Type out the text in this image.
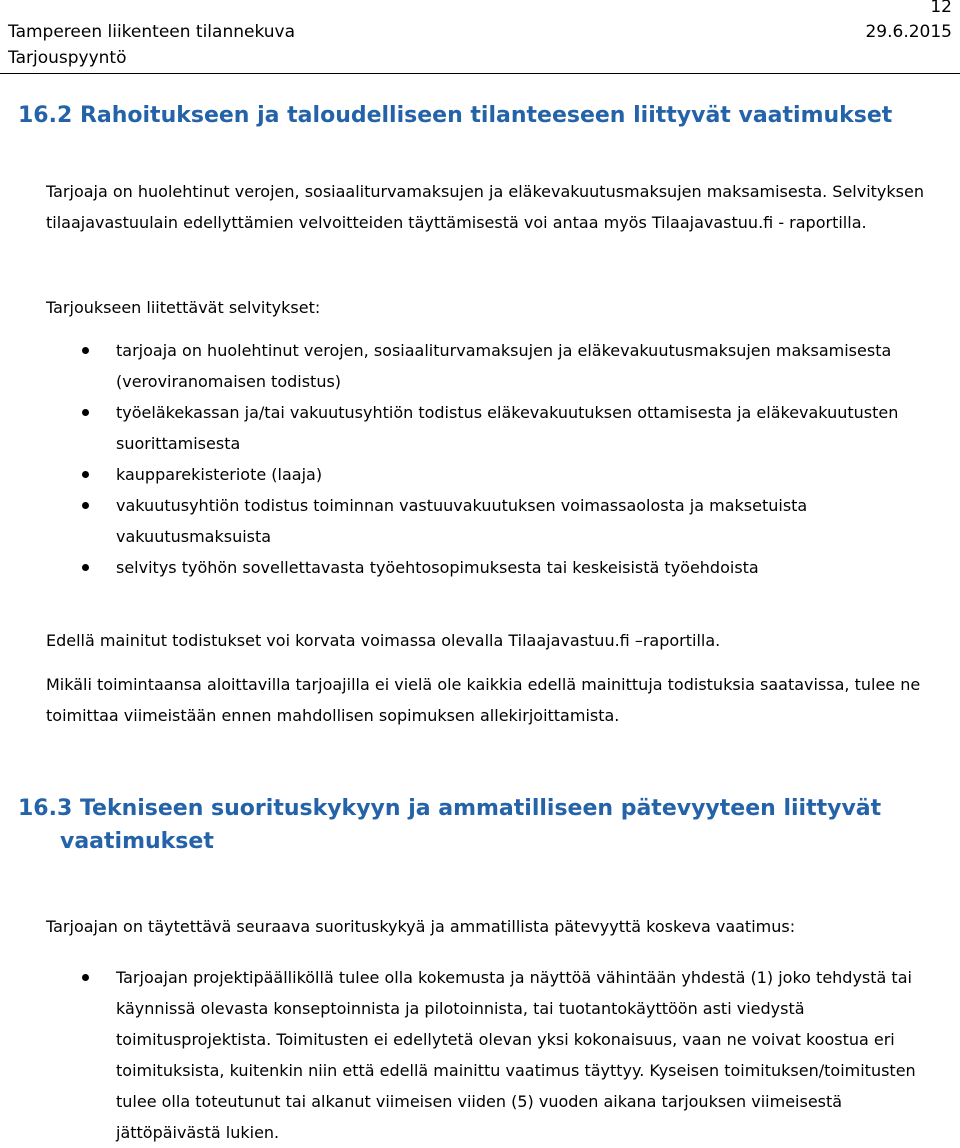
12
Tampereen liikenteen tilannekuva
Tarjouspyyntö
29.6.2015
16.2 Rahoitukseen ja taloudelliseen tilanteeseen liittyvät vaatimukset

Tarjoaja on huolehtinut verojen, sosiaaliturvamaksujen ja eläkevakuutusmaksujen maksamisesta. Selvityksen tilaajavastuulain edellyttämien velvoitteiden täyttämisestä voi antaa myös Tilaajavastuu.fi - raportilla.

Tarjoukseen liitettävät selvitykset:

tarjoaja on huolehtinut verojen, sosiaaliturvamaksujen ja eläkevakuutusmaksujen maksamisesta (veroviranomaisen todistus)
työeläkekassan ja/tai vakuutusyhtiön todistus eläkevakuutuksen ottamisesta ja eläkevakuutusten suorittamisesta
kaupparekisteriote (laaja)
vakuutusyhtiön todistus toiminnan vastuuvakuutuksen voimassaolosta ja maksetuista vakuutusmaksuista
selvitys työhön sovellettavasta työehtosopimuksesta tai keskeisistä työehdoista

Edellä mainitut todistukset voi korvata voimassa olevalla Tilaajavastuu.fi –raportilla.

Mikäli toimintaansa aloittavilla tarjoajilla ei vielä ole kaikkia edellä mainittuja todistuksia saatavissa, tulee ne toimittaa viimeistään ennen mahdollisen sopimuksen allekirjoittamista.

16.3 Tekniseen suorituskykyyn ja ammatilliseen pätevyyteen liittyvät
vaatimukset

Tarjoajan on täytettävä seuraava suorituskykyä ja ammatillista pätevyyttä koskeva vaatimus:

Tarjoajan projektipäälliköllä tulee olla kokemusta ja näyttöä vähintään yhdestä (1) joko tehdystä tai käynnissä olevasta konseptoinnista ja pilotoinnista, tai tuotantokäyttöön asti viedystä toimitusprojektista. Toimitusten ei edellytetä olevan yksi kokonaisuus, vaan ne voivat koostua eri toimituksista, kuitenkin niin että edellä mainittu vaatimus täyttyy. Kyseisen toimituksen/toimitusten tulee olla toteutunut tai alkanut viimeisen viiden (5) vuoden aikana tarjouksen viimeisestä jättöpäivästä lukien.
